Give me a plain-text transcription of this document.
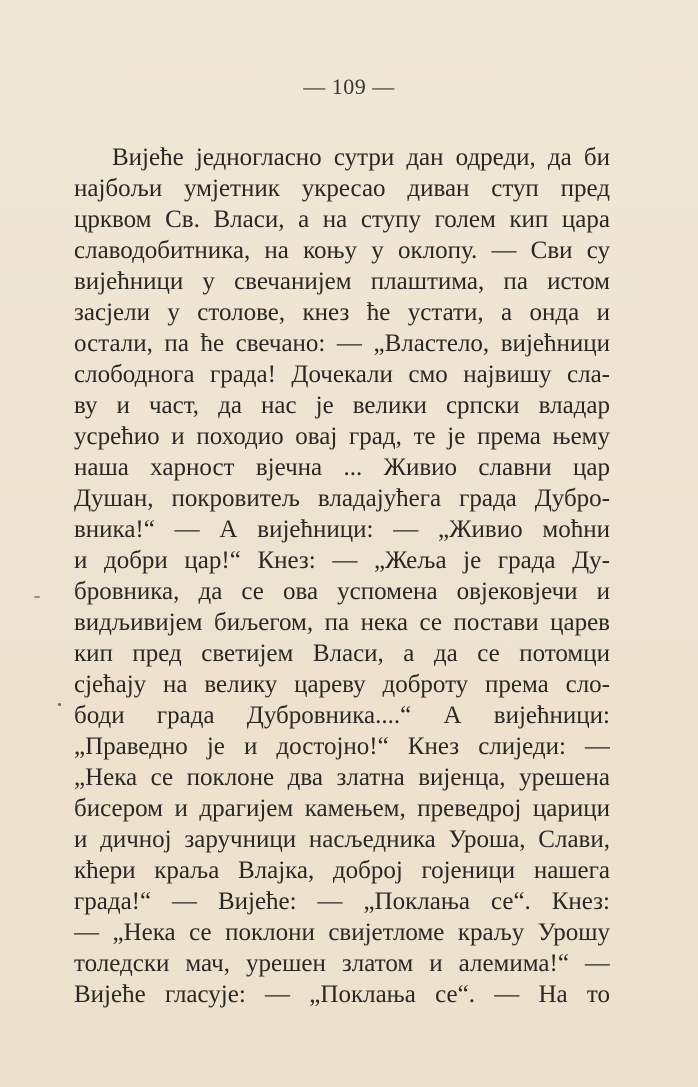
— 109 —
Вијеће једногласно сутри дан одреди, да би
најбољи умјетник укресао диван ступ пред
црквом Св. Власи, а на ступу голем кип цара
славодобитника, на коњу у оклопу. — Сви су
вијећници у свечанијем плаштима, па истом
засјели у столове, кнез ће устати, а онда и
остали, па ће свечано: — „Властело, вијећници
слободнога града! Дочекали смо највишу сла-
ву и част, да нас је велики српски владар
усрећио и походио овај град, те је према њему
наша харност вјечна ... Живио славни цар
Душан, покровитељ владајућега града Дубро-
вника!“ — А вијећници: — „Живио моћни
и добри цар!“ Кнез: — „Жеља је града Ду-
бровника, да се ова успомена овјековјечи и
видљивијем биљегом, па нека се постави царев
кип пред светијем Власи, а да се потомци
сјећају на велику цареву доброту према сло-
боди града Дубровника....“ А вијећници:
„Праведно је и достојно!“ Кнез слиједи: —
„Нека се поклоне два златна вијенца, урешена
бисером и драгијем камењем, преведрој царици
и дичној заручници насљедника Уроша, Слави,
кћери краља Влајка, доброј гојеници нашега
града!“ — Вијеће: — „Поклања се“. Кнез:
— „Нека се поклони свијетломе краљу Урошу
толедски мач, урешен златом и алемима!“ —
Вијеће гласује: — „Поклања се“. — На то
